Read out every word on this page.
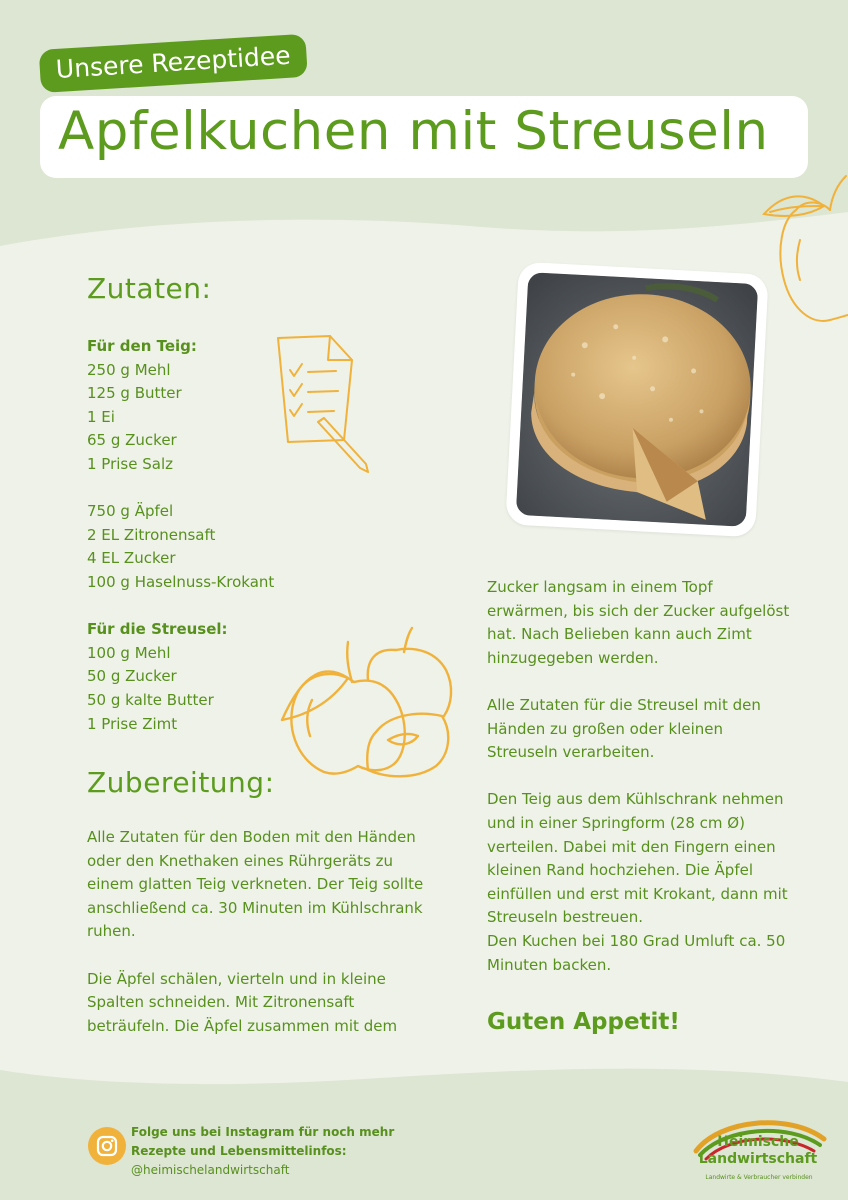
Unsere Rezeptidee
Apfelkuchen mit Streuseln
Zutaten:
Für den Teig:
250 g Mehl
125 g Butter
1 Ei
65 g Zucker
1 Prise Salz
750 g Äpfel
2 EL Zitronensaft
4 EL Zucker
100 g Haselnuss-Krokant
Für die Streusel:
100 g Mehl
50 g Zucker
50 g kalte Butter
1 Prise Zimt
Zubereitung:
Alle Zutaten für den Boden mit den Händen
oder den Knethaken eines Rührgeräts zu
einem glatten Teig verkneten. Der Teig sollte
anschließend ca. 30 Minuten im Kühlschrank
ruhen.
Die Äpfel schälen, vierteln und in kleine
Spalten schneiden. Mit Zitronensaft
beträufeln. Die Äpfel zusammen mit dem
Zucker langsam in einem Topf
erwärmen, bis sich der Zucker aufgelöst
hat. Nach Belieben kann auch Zimt
hinzugegeben werden.
Alle Zutaten für die Streusel mit den
Händen zu großen oder kleinen
Streuseln verarbeiten.
Den Teig aus dem Kühlschrank nehmen
und in einer Springform (28 cm Ø)
verteilen. Dabei mit den Fingern einen
kleinen Rand hochziehen. Die Äpfel
einfüllen und erst mit Krokant, dann mit
Streuseln bestreuen.
Den Kuchen bei 180 Grad Umluft ca. 50
Minuten backen.
Guten Appetit!
Folge uns bei Instagram für noch mehr
Rezepte und Lebensmittelinfos:
@heimischelandwirtschaft
Heimische
Landwirtschaft
Landwirte & Verbraucher verbinden
